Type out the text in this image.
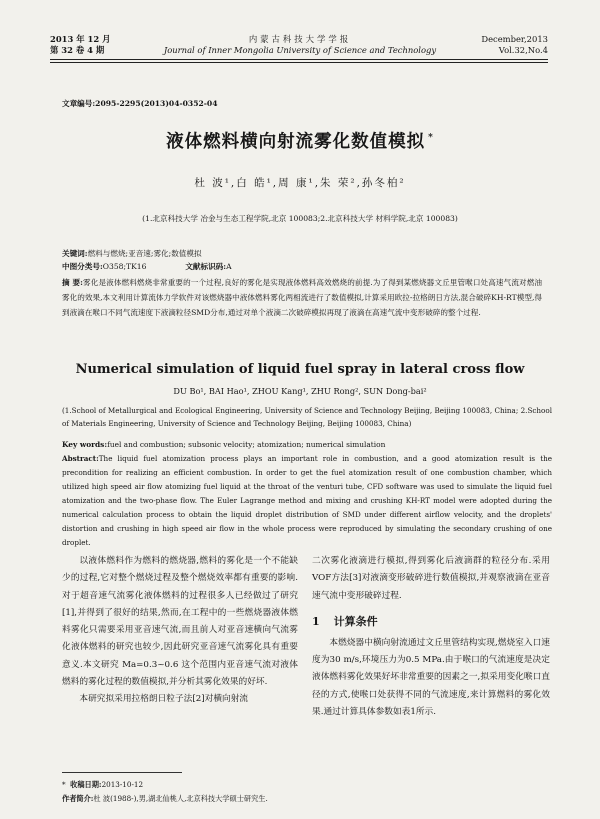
2013 年 12 月
第 32 卷 4 期
内蒙古科技大学学报
Journal of Inner Mongolia University of Science and Technology
December,2013
Vol.32,No.4
文章编号:2095-2295(2013)04-0352-04
液体燃料横向射流雾化数值模拟 *
杜 波¹,白 皓¹,周 康¹,朱 荣²,孙冬柏²
(1.北京科技大学 冶金与生态工程学院,北京 100083;2.北京科技大学 材料学院,北京 100083)
关键词:燃料与燃烧;亚音速;雾化;数值模拟
中图分类号:O358;TK16	文献标识码:A
摘 要:雾化是液体燃料燃烧非常重要的一个过程,良好的雾化是实现液体燃料高效燃烧的前提.为了得到某燃烧器文丘里管喉口处高速气流对燃油雾化的效果,本文利用计算流体力学软件对该燃烧器中液体燃料雾化两相流进行了数值模拟,计算采用欧拉-拉格朗日方法,混合破碎KH-RT模型,得到液滴在喉口不同气流速度下液滴粒径SMD分布,通过对单个液滴二次破碎模拟再现了液滴在高速气流中变形破碎的整个过程.
Numerical simulation of liquid fuel spray in lateral cross flow
DU Bo¹, BAI Hao¹, ZHOU Kang¹, ZHU Rong², SUN Dong-bai²
(1.School of Metallurgical and Ecological Engineering, University of Science and Technology Beijing, Beijing 100083, China; 2.School of Materials Engineering, University of Science and Technology Beijing, Beijing 100083, China)
Key words:fuel and combustion; subsonic velocity; atomization; numerical simulation
Abstract:The liquid fuel atomization process plays an important role in combustion, and a good atomization result is the precondition for realizing an efficient combustion. In order to get the fuel atomization result of one combustion chamber, which utilized high speed air flow atomizing fuel liquid at the throat of the venturi tube, CFD software was used to simulate the liquid fuel atomization and the two-phase flow. The Euler Lagrange method and mixing and crushing KH-RT model were adopted during the numerical calculation process to obtain the liquid droplet distribution of SMD under different airflow velocity, and the droplets' distortion and crushing in high speed air flow in the whole process were reproduced by simulating the secondary crushing of one droplet.

以液体燃料作为燃料的燃烧器,燃料的雾化是一个不能缺少的过程,它对整个燃烧过程及整个燃烧效率都有重要的影响.对于超音速气流雾化液体燃料的过程很多人已经做过了研究[1],并得到了很好的结果,然而,在工程中的一些燃烧器液体燃料雾化只需要采用亚音速气流,而且前人对亚音速横向气流雾化液体燃料的研究也较少,因此研究亚音速气流雾化具有重要意义.本文研究 Ma=0.3~0.6 这个范围内亚音速气流对液体燃料的雾化过程的数值模拟,并分析其雾化效果的好坏.

本研究拟采用拉格朗日粒子法[2]对横向射流

二次雾化液滴进行模拟,得到雾化后液滴群的粒径分布.采用VOF方法[3]对液滴变形破碎进行数值模拟,并观察液滴在亚音速气流中变形破碎过程.

1 计算条件

本燃烧器中横向射流通过文丘里管结构实现,燃烧室入口速度为30 m/s,环境压力为0.5 MPa.由于喉口的气流速度是决定液体燃料雾化效果好坏非常重要的因素之一,拟采用变化喉口直径的方式,使喉口处获得不同的气流速度,来计算燃料的雾化效果.通过计算具体参数如表1所示.

*  收稿日期:2013-10-12
作者简介:杜 波(1988-),男,湖北仙桃人,北京科技大学硕士研究生.
